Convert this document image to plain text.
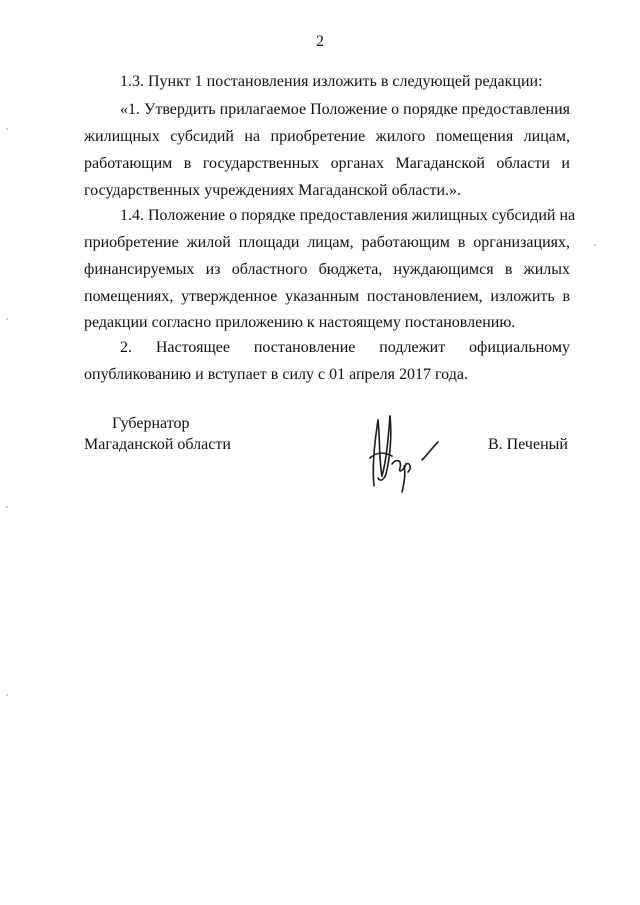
2

1.3. Пункт 1 постановления изложить в следующей редакции:

«1. Утвердить прилагаемое Положение о порядке предоставления

жилищных субсидий на приобретение жилого помещения лицам,

работающим в государственных органах Магаданской области и

государственных учреждениях Магаданской области.».

1.4. Положение о порядке предоставления жилищных субсидий на

приобретение жилой площади лицам, работающим в организациях,

финансируемых из областного бюджета, нуждающимся в жилых

помещениях, утвержденное указанным постановлением, изложить в

редакции согласно приложению к настоящему постановлению.

2. Настоящее постановление подлежит официальному

опубликованию и вступает в силу с 01 апреля 2017 года.

Губернатор

Магаданской области	В. Печеный
